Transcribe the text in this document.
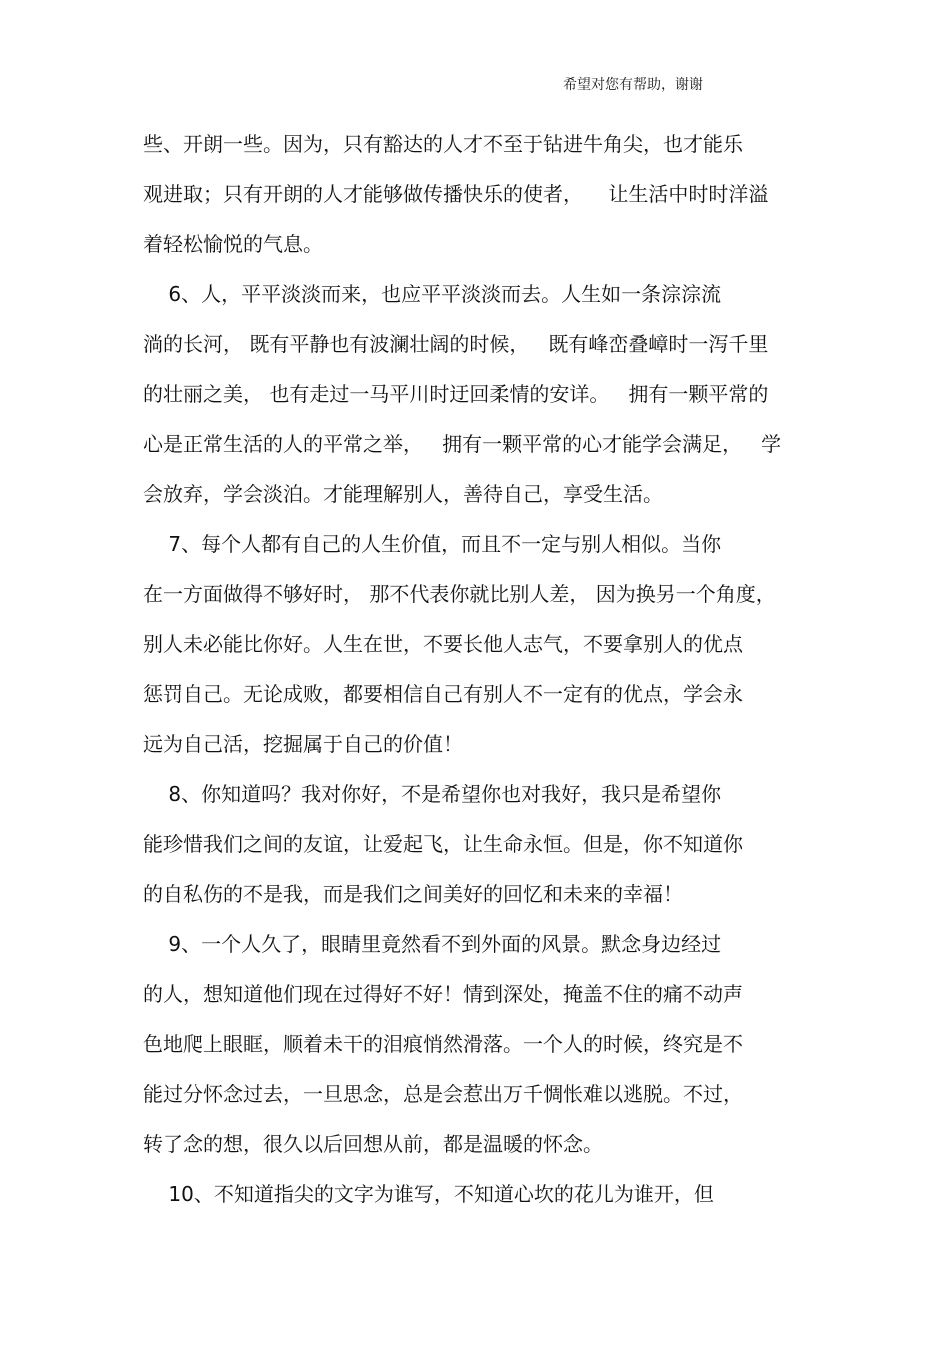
希望对您有帮助，谢谢
些、开朗一些。因为，只有豁达的人才不至于钻进牛角尖，也才能乐
观进取；只有开朗的人才能够做传播快乐的使者，    让生活中时时洋溢
着轻松愉悦的气息。
6、人，平平淡淡而来，也应平平淡淡而去。人生如一条淙淙流
淌的长河， 既有平静也有波澜壮阔的时候，   既有峰峦叠嶂时一泻千里
的壮丽之美， 也有走过一马平川时迂回柔情的安详。   拥有一颗平常的
心是正常生活的人的平常之举，   拥有一颗平常的心才能学会满足，   学
会放弃，学会淡泊。才能理解别人，善待自己，享受生活。
7、每个人都有自己的人生价值，而且不一定与别人相似。当你
在一方面做得不够好时， 那不代表你就比别人差， 因为换另一个角度，
别人未必能比你好。人生在世，不要长他人志气，不要拿别人的优点
惩罚自己。无论成败，都要相信自己有别人不一定有的优点，学会永
远为自己活，挖掘属于自己的价值！
8、你知道吗？我对你好，不是希望你也对我好，我只是希望你
能珍惜我们之间的友谊，让爱起飞，让生命永恒。但是，你不知道你
的自私伤的不是我，而是我们之间美好的回忆和未来的幸福！
9、一个人久了，眼睛里竟然看不到外面的风景。默念身边经过
的人，想知道他们现在过得好不好！情到深处，掩盖不住的痛不动声
色地爬上眼眶，顺着未干的泪痕悄然滑落。一个人的时候，终究是不
能过分怀念过去，一旦思念，总是会惹出万千惆怅难以逃脱。不过，
转了念的想，很久以后回想从前，都是温暖的怀念。
10、不知道指尖的文字为谁写，不知道心坎的花儿为谁开，但
